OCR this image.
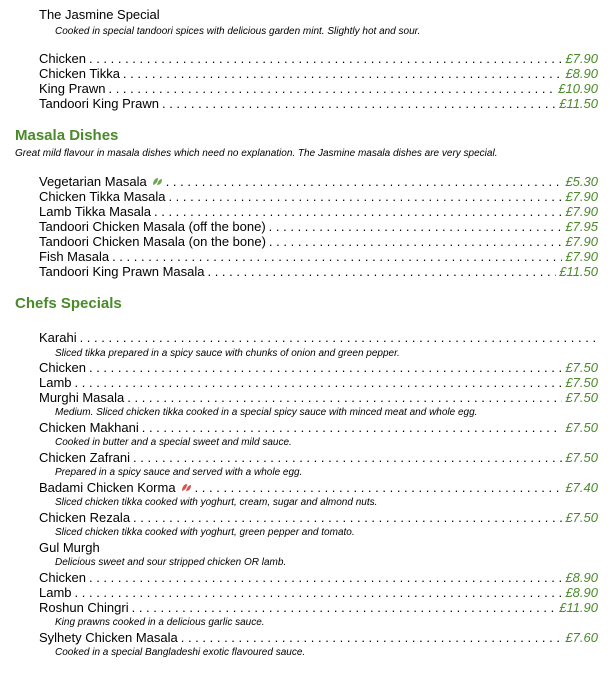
The Jasmine Special
Cooked in special tandoori spices with delicious garden mint. Slightly hot and sour.
Chicken . . .	£7.90
Chicken Tikka . . .	£8.90
King Prawn . . .	£10.90
Tandoori King Prawn . . .	£11.50
Masala Dishes
Great mild flavour in masala dishes which need no explanation. The Jasmine masala dishes are very special.
Vegetarian Masala . . .	£5.30
Chicken Tikka Masala . . .	£7.90
Lamb Tikka Masala . . .	£7.90
Tandoori Chicken Masala (off the bone) . . .	£7.95
Tandoori Chicken Masala (on the bone) . . .	£7.90
Fish Masala . . .	£7.90
Tandoori King Prawn Masala . . .	£11.50
Chefs Specials
Karahi
. . .
Sliced tikka prepared in a spicy sauce with chunks of onion and green pepper.
Chicken . . .	£7.50
Lamb . . .	£7.50
Murghi Masala . . .	£7.50
Medium. Sliced chicken tikka cooked in a special spicy sauce with minced meat and whole egg.
Chicken Makhani . . .	£7.50
Cooked in butter and a special sweet and mild sauce.
Chicken Zafrani . . .	£7.50
Prepared in a spicy sauce and served with a whole egg.
Badami Chicken Korma . . .	£7.40
Sliced chicken tikka cooked with yoghurt, cream, sugar and almond nuts.
Chicken Rezala . . .	£7.50
Sliced chicken tikka cooked with yoghurt, green pepper and tomato.
Gul Murgh
Delicious sweet and sour stripped chicken OR lamb.
Chicken . . .	£8.90
Lamb . . .	£8.90
Roshun Chingri . . .	£11.90
King prawns cooked in a delicious garlic sauce.
Sylhety Chicken Masala . . .	£7.60
Cooked in a special Bangladeshi exotic flavoured sauce.
